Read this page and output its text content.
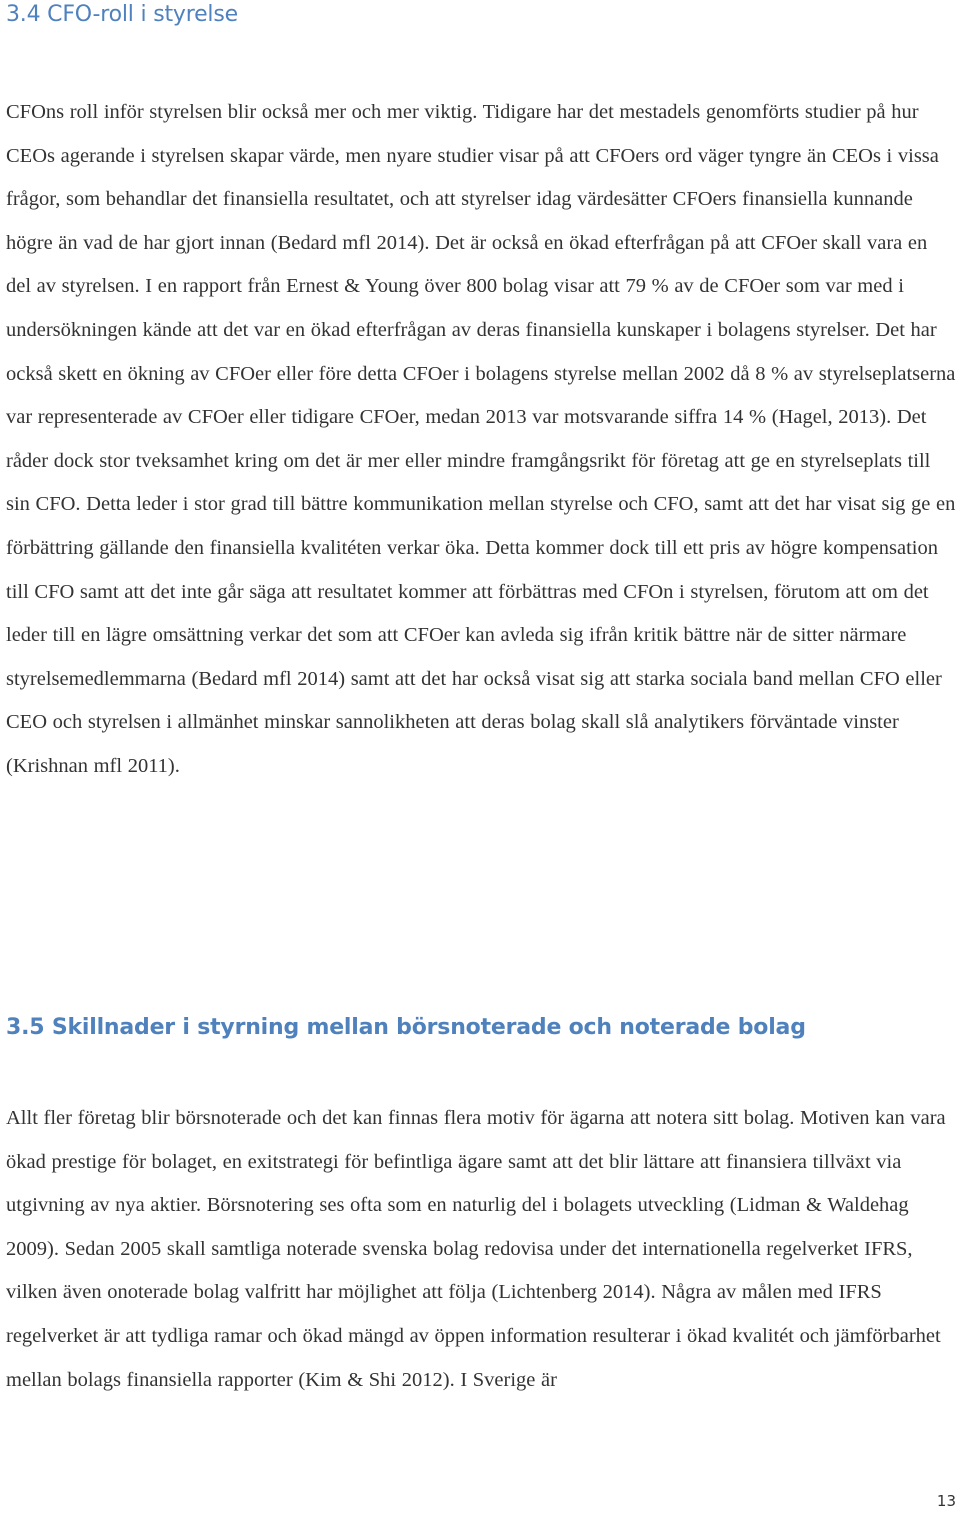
3.4 CFO-roll i styrelse

CFOns roll inför styrelsen blir också mer och mer viktig. Tidigare har det mestadels genomförts studier på hur CEOs agerande i styrelsen skapar värde, men nyare studier visar på att CFOers ord väger tyngre än CEOs i vissa frågor, som behandlar det finansiella resultatet, och att styrelser idag värdesätter CFOers finansiella kunnande högre än vad de har gjort innan (Bedard mfl 2014). Det är också en ökad efterfrågan på att CFOer skall vara en del av styrelsen. I en rapport från Ernest & Young över 800 bolag visar att 79 % av de CFOer som var med i undersökningen kände att det var en ökad efterfrågan av deras finansiella kunskaper i bolagens styrelser. Det har också skett en ökning av CFOer eller före detta CFOer i bolagens styrelse mellan 2002 då 8 % av styrelseplatserna var representerade av CFOer eller tidigare CFOer, medan 2013 var motsvarande siffra 14 % (Hagel, 2013). Det råder dock stor tveksamhet kring om det är mer eller mindre framgångsrikt för företag att ge en styrelseplats till sin CFO. Detta leder i stor grad till bättre kommunikation mellan styrelse och CFO, samt att det har visat sig ge en förbättring gällande den finansiella kvalitéten verkar öka. Detta kommer dock till ett pris av högre kompensation till CFO samt att det inte går säga att resultatet kommer att förbättras med CFOn i styrelsen, förutom att om det leder till en lägre omsättning verkar det som att CFOer kan avleda sig ifrån kritik bättre när de sitter närmare styrelsemedlemmarna (Bedard mfl 2014) samt att det har också visat sig att starka sociala band mellan CFO eller CEO och styrelsen i allmänhet minskar sannolikheten att deras bolag skall slå analytikers förväntade vinster (Krishnan mfl 2011).

3.5 Skillnader i styrning mellan börsnoterade och noterade bolag

Allt fler företag blir börsnoterade och det kan finnas flera motiv för ägarna att notera sitt bolag. Motiven kan vara ökad prestige för bolaget, en exitstrategi för befintliga ägare samt att det blir lättare att finansiera tillväxt via utgivning av nya aktier. Börsnotering ses ofta som en naturlig del i bolagets utveckling (Lidman & Waldehag 2009). Sedan 2005 skall samtliga noterade svenska bolag redovisa under det internationella regelverket IFRS, vilken även onoterade bolag valfritt har möjlighet att följa (Lichtenberg 2014). Några av målen med IFRS regelverket är att tydliga ramar och ökad mängd av öppen information resulterar i ökad kvalitét och jämförbarhet mellan bolags finansiella rapporter (Kim & Shi 2012). I Sverige är

13
